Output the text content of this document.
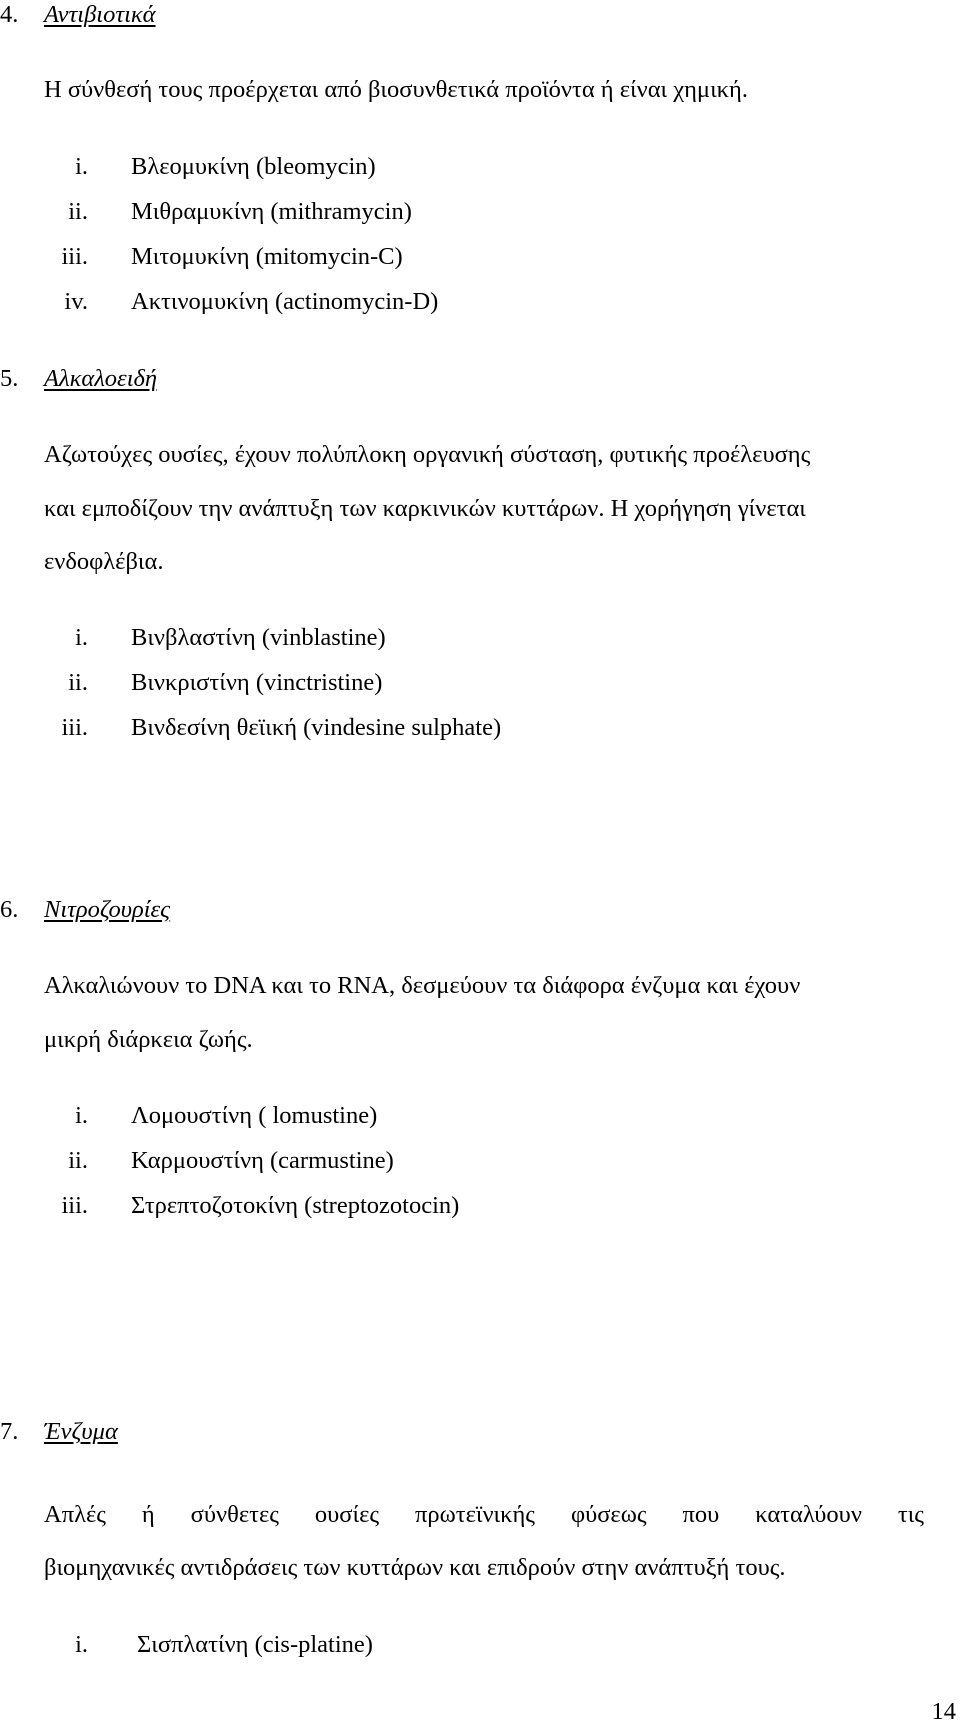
4. Αντιβιοτικά
Η σύνθεσή τους προέρχεται από βιοσυνθετικά προϊόντα ή είναι χημική.
i. Βλεομυκίνη (bleomycin)
ii. Μιθραμυκίνη (mithramycin)
iii. Μιτομυκίνη (mitomycin-C)
iv. Ακτινομυκίνη (actinomycin-D)
5. Αλκαλοειδή
Αζωτούχες ουσίες, έχουν πολύπλοκη οργανική σύσταση, φυτικής προέλευσης
και εμποδίζουν την ανάπτυξη των καρκινικών κυττάρων. Η χορήγηση γίνεται
ενδοφλέβια.
i. Βινβλαστίνη (vinblastine)
ii. Βινκριστίνη (vinctristine)
iii. Βινδεσίνη θεϊική (vindesine sulphate)
6. Νιτροζουρίες
Αλκαλιώνουν το DNA και το RNA, δεσμεύουν τα διάφορα ένζυμα και έχουν
μικρή διάρκεια ζωής.
i. Λομουστίνη ( lomustine)
ii. Καρμουστίνη (carmustine)
iii. Στρεπτοζοτοκίνη (streptozotocin)
7. Ένζυμα
Απλές ή σύνθετες ουσίες πρωτεϊνικής φύσεως που καταλύουν τις
βιομηχανικές αντιδράσεις των κυττάρων και επιδρούν στην ανάπτυξή τους.
i. Σισπλατίνη (cis-platine)
14
